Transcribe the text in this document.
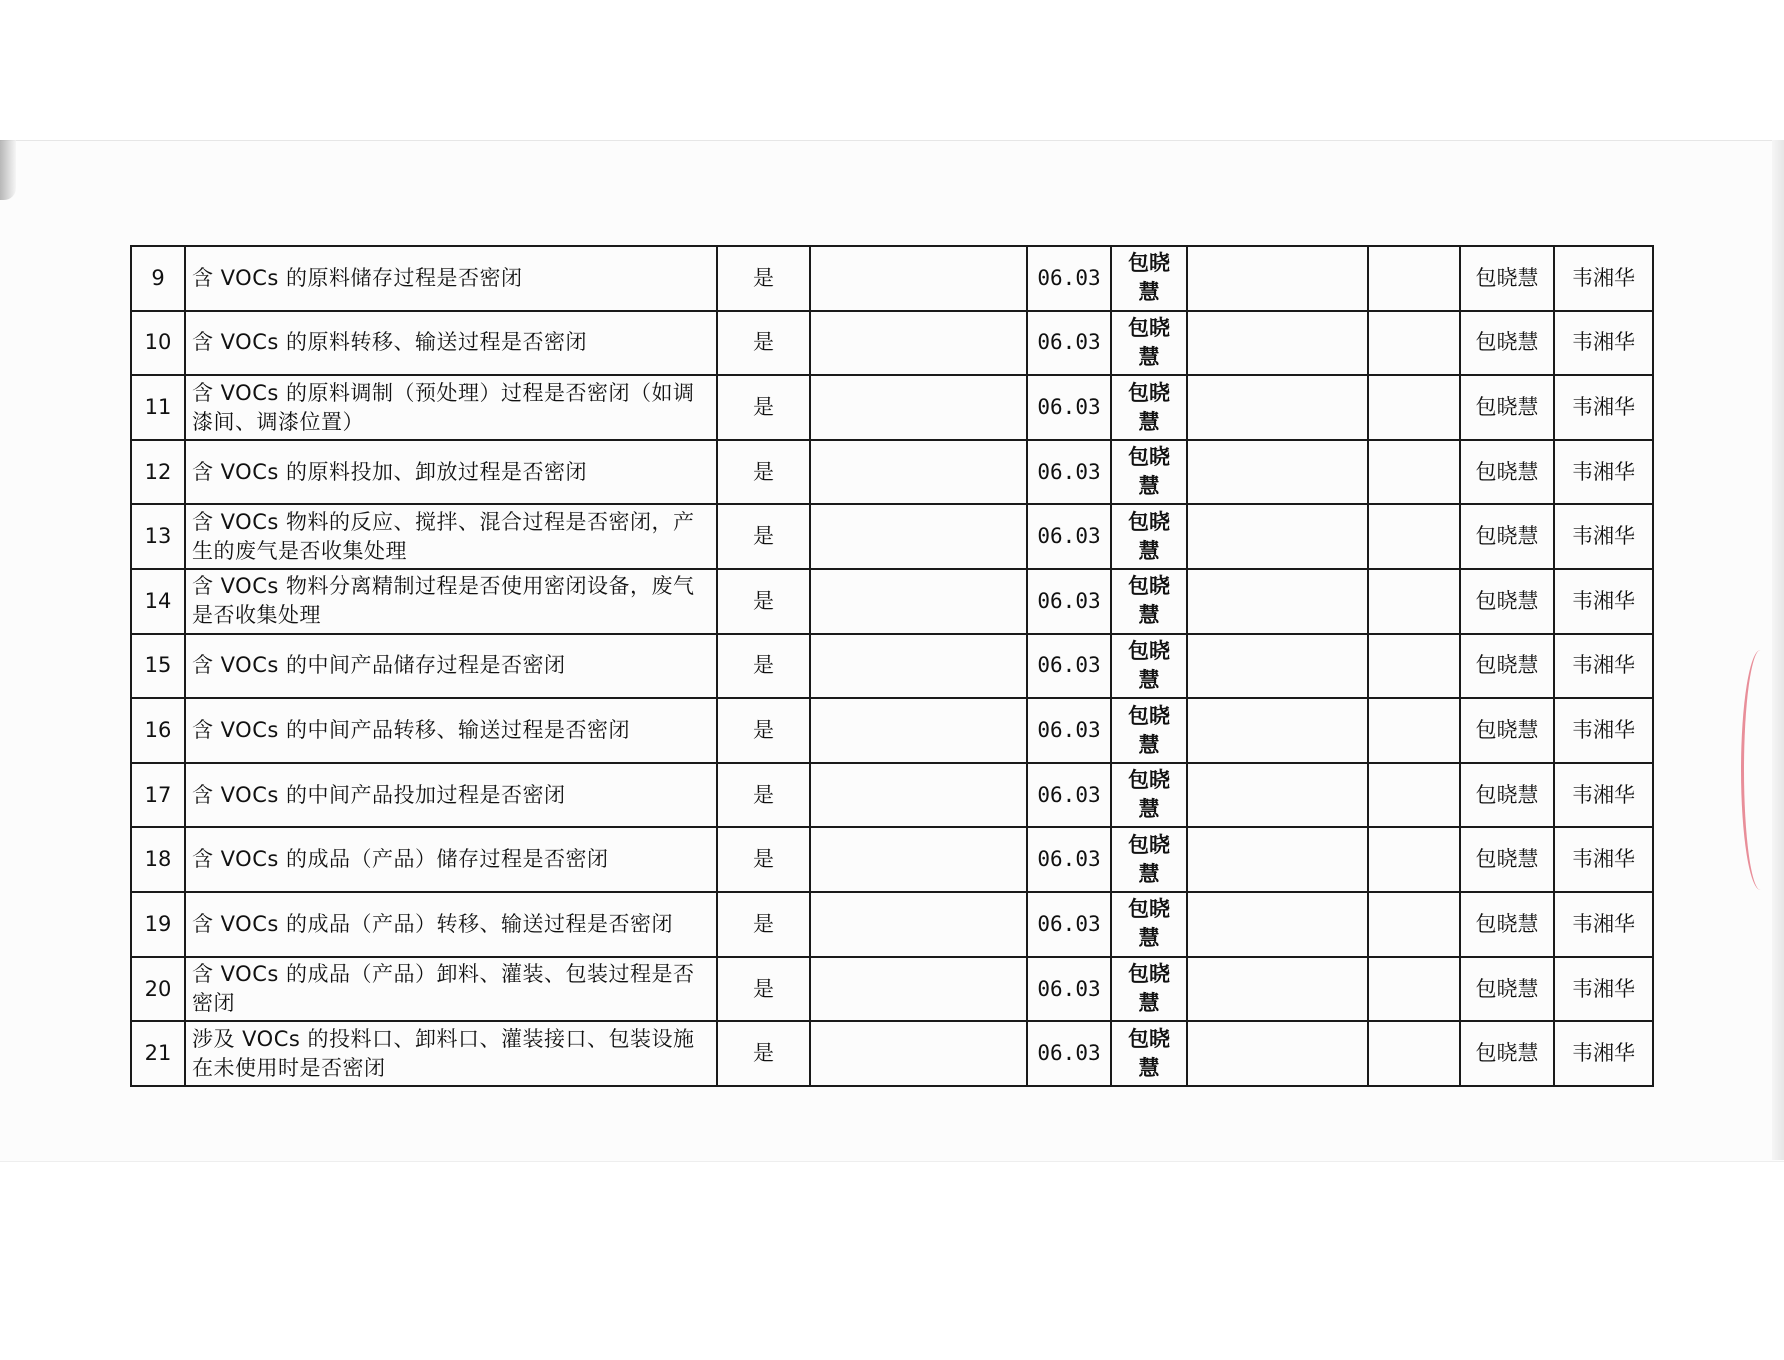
9	含 VOCs 的原料储存过程是否密闭	是		06.03	包晓慧			包晓慧	韦湘华
10	含 VOCs 的原料转移、输送过程是否密闭	是		06.03	包晓慧			包晓慧	韦湘华
11	含 VOCs 的原料调制（预处理）过程是否密闭（如调漆间、调漆位置）	是		06.03	包晓慧			包晓慧	韦湘华
12	含 VOCs 的原料投加、卸放过程是否密闭	是		06.03	包晓慧			包晓慧	韦湘华
13	含 VOCs 物料的反应、搅拌、混合过程是否密闭，产生的废气是否收集处理	是		06.03	包晓慧			包晓慧	韦湘华
14	含 VOCs 物料分离精制过程是否使用密闭设备，废气是否收集处理	是		06.03	包晓慧			包晓慧	韦湘华
15	含 VOCs 的中间产品储存过程是否密闭	是		06.03	包晓慧			包晓慧	韦湘华
16	含 VOCs 的中间产品转移、输送过程是否密闭	是		06.03	包晓慧			包晓慧	韦湘华
17	含 VOCs 的中间产品投加过程是否密闭	是		06.03	包晓慧			包晓慧	韦湘华
18	含 VOCs 的成品（产品）储存过程是否密闭	是		06.03	包晓慧			包晓慧	韦湘华
19	含 VOCs 的成品（产品）转移、输送过程是否密闭	是		06.03	包晓慧			包晓慧	韦湘华
20	含 VOCs 的成品（产品）卸料、灌装、包装过程是否密闭	是		06.03	包晓慧			包晓慧	韦湘华
21	涉及 VOCs 的投料口、卸料口、灌装接口、包装设施在未使用时是否密闭	是		06.03	包晓慧			包晓慧	韦湘华
